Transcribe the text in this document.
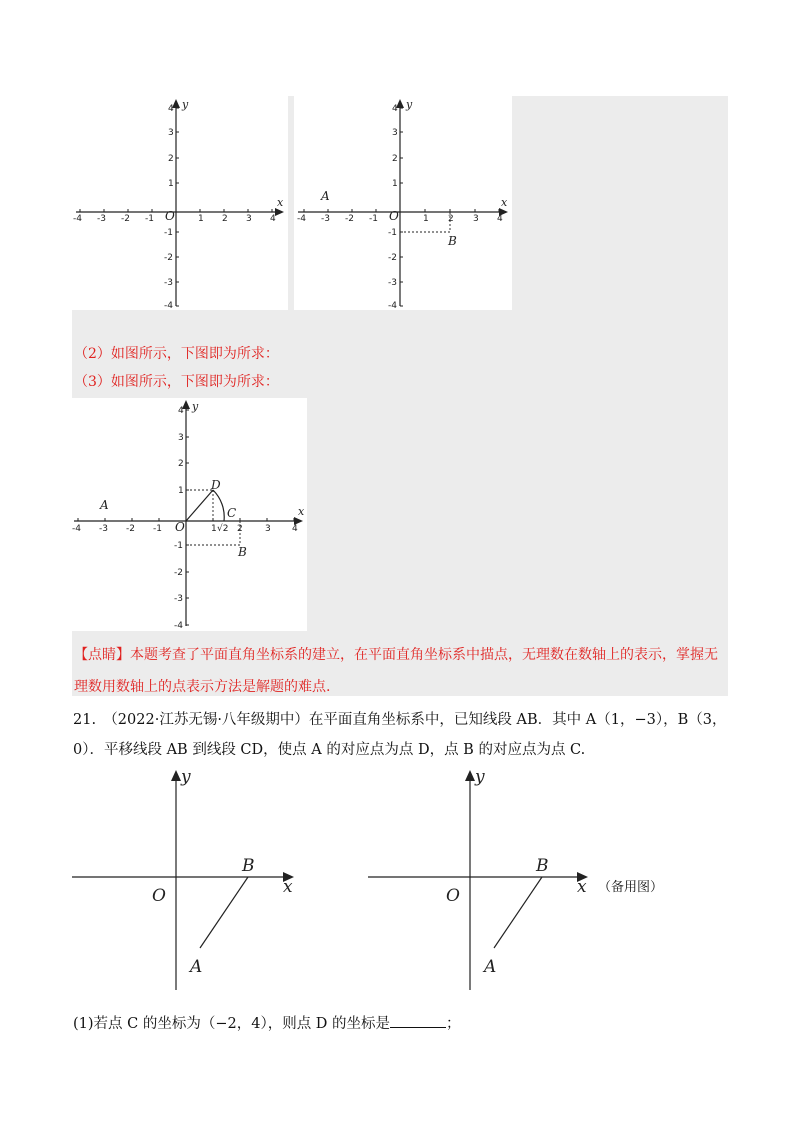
-4 -3 -2 -1	1 2 3 4
4
3
2
1
-1
-2
-3
-4
O
x
y
-4 -3 -2 -1	1 2 3 4
4
3
2
1
-1
-2
-3
-4
O
x
y
A
B
（2）如图所示，下图即为所求：
（3）如图所示，下图即为所求：
-4 -3 -2 -1	1 2 3 4
4
3
2
1
-1
-2
-3
-4
O
x
y
A
B
C
D
√2
【点睛】本题考查了平面直角坐标系的建立，在平面直角坐标系中描点，无理数在数轴上的表示，掌握无
理数用数轴上的点表示方法是解题的难点.
21.　（2022·江苏无锡·八年级期中）在平面直角坐标系中，已知线段 AB．其中 A（1，−3），B（3，
0）．平移线段 AB 到线段 CD，使点 A 的对应点为点 D，点 B 的对应点为点 C.
y
x
O
B
A
y
x
O
B
A
（备用图）
(1)若点 C 的坐标为（−2，4），则点 D 的坐标是	；
